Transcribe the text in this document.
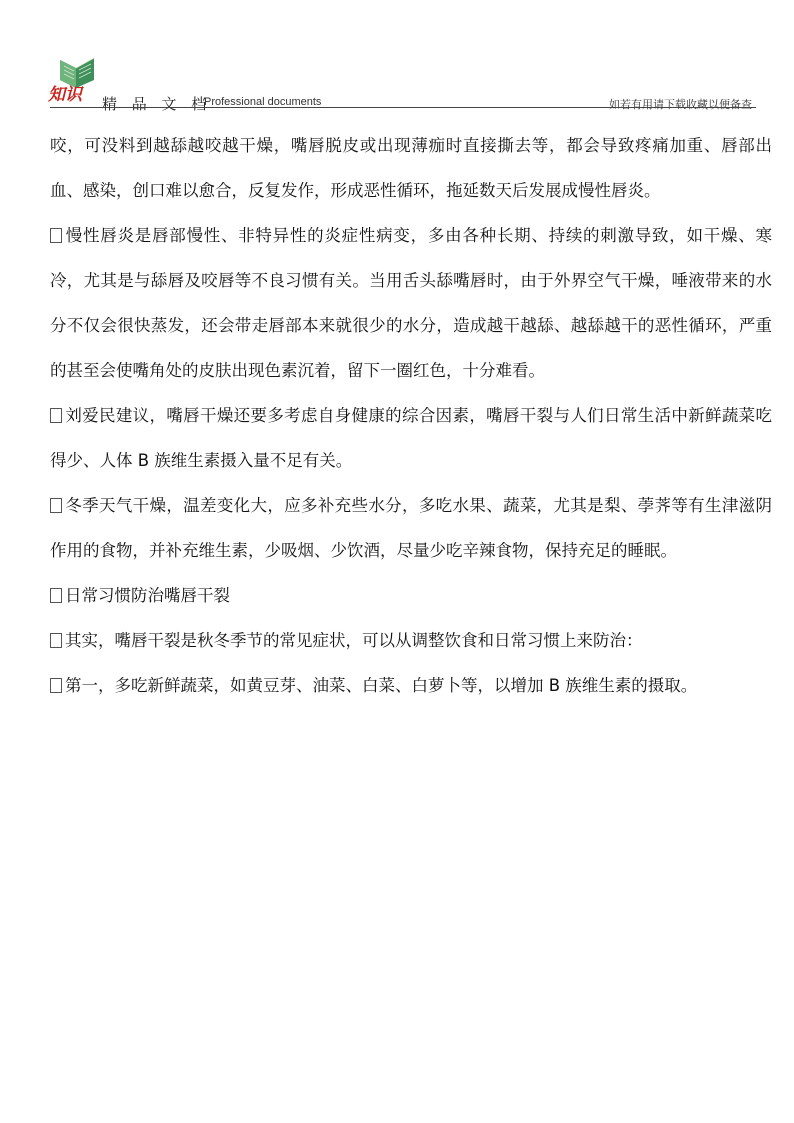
知识 精 品 文 档
Professional documents	如若有用请下载收藏以便备查

咬，可没料到越舔越咬越干燥，嘴唇脱皮或出现薄痂时直接撕去等，都会导致疼痛加重、唇部出血、感染，创口难以愈合，反复发作，形成恶性循环，拖延数天后发展成慢性唇炎。

慢性唇炎是唇部慢性、非特异性的炎症性病变，多由各种长期、持续的刺激导致，如干燥、寒冷，尤其是与舔唇及咬唇等不良习惯有关。当用舌头舔嘴唇时，由于外界空气干燥，唾液带来的水分不仅会很快蒸发，还会带走唇部本来就很少的水分，造成越干越舔、越舔越干的恶性循环，严重的甚至会使嘴角处的皮肤出现色素沉着，留下一圈红色，十分难看。

刘爱民建议，嘴唇干燥还要多考虑自身健康的综合因素，嘴唇干裂与人们日常生活中新鲜蔬菜吃得少、人体 B 族维生素摄入量不足有关。

冬季天气干燥，温差变化大，应多补充些水分，多吃水果、蔬菜，尤其是梨、荸荠等有生津滋阴作用的食物，并补充维生素，少吸烟、少饮酒，尽量少吃辛辣食物，保持充足的睡眠。

日常习惯防治嘴唇干裂

其实，嘴唇干裂是秋冬季节的常见症状，可以从调整饮食和日常习惯上来防治：

第一，多吃新鲜蔬菜，如黄豆芽、油菜、白菜、白萝卜等，以增加 B 族维生素的摄取。
